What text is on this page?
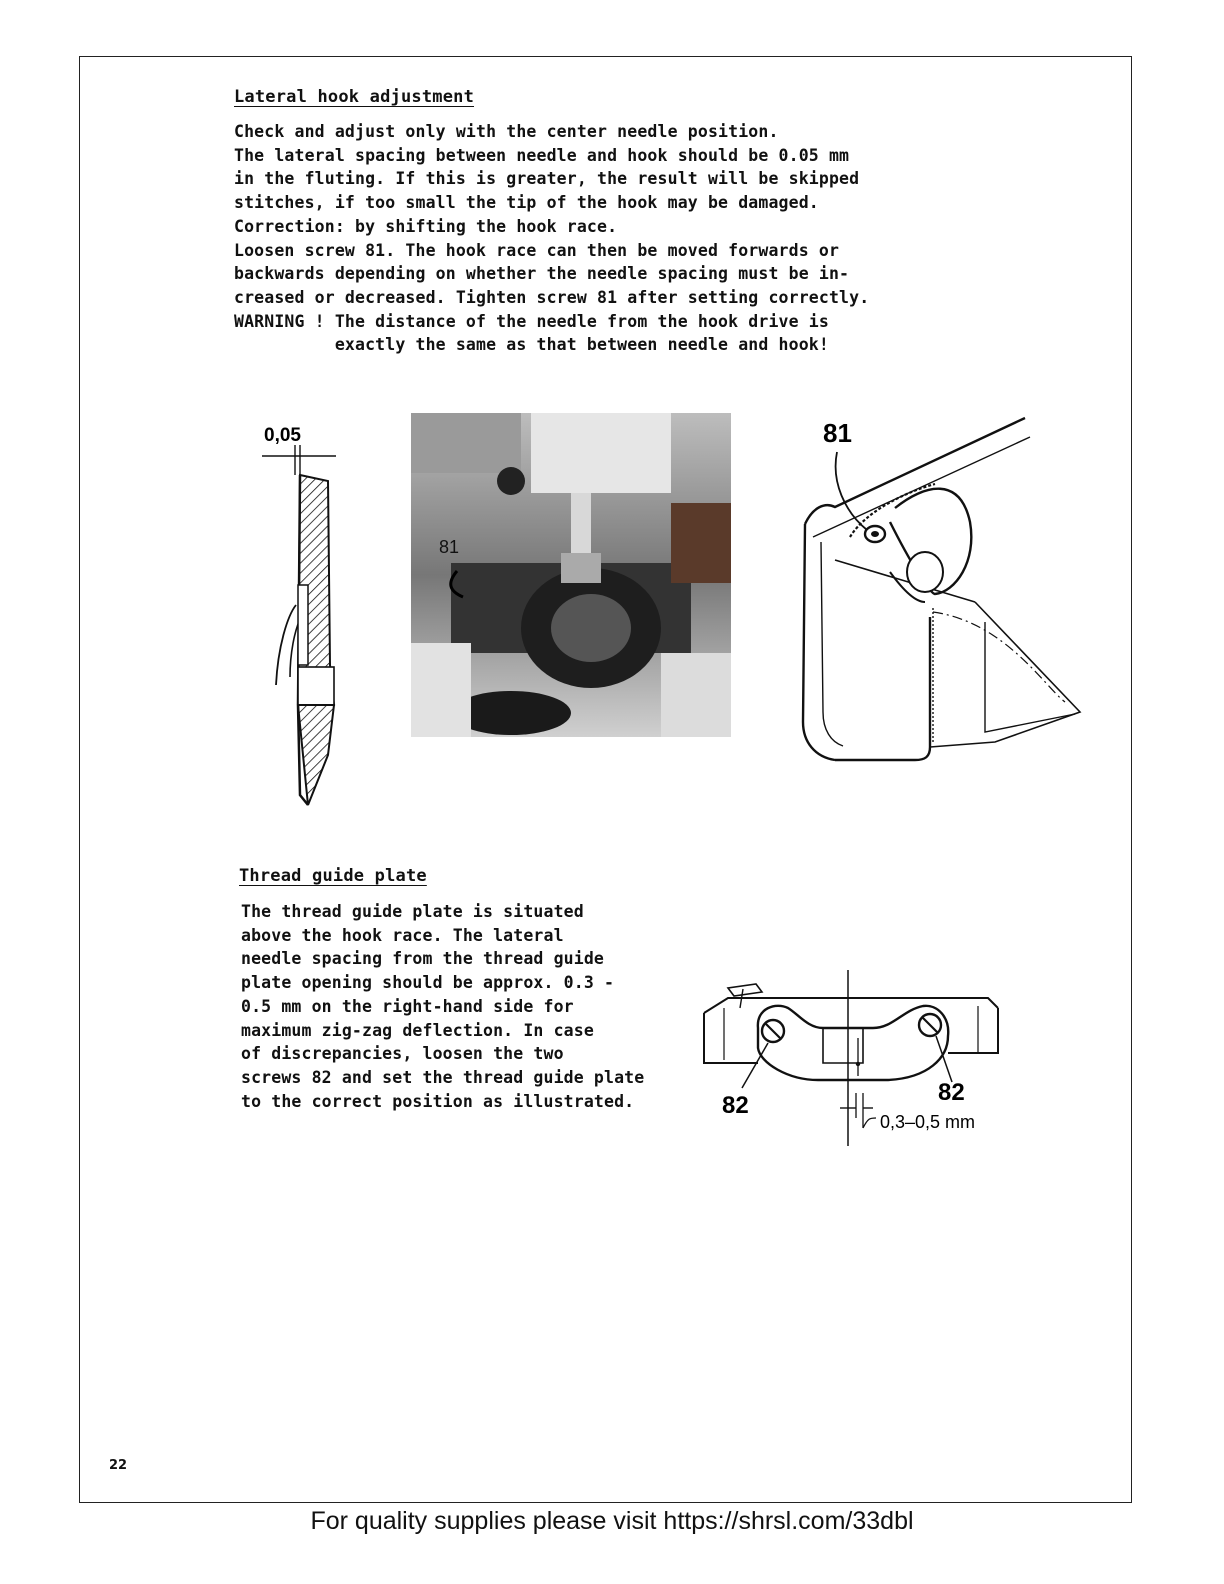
Lateral hook adjustment
Check and adjust only with the center needle position.
The lateral spacing between needle and hook should be 0.05 mm
in the fluting. If this is greater, the result will be skipped
stitches, if too small the tip of the hook may be damaged.
Correction: by shifting the hook race.
Loosen screw 81. The hook race can then be moved forwards or
backwards depending on whether the needle spacing must be in-
creased or decreased. Tighten screw 81 after setting correctly.
WARNING ! The distance of the needle from the hook drive is
exactly the same as that between needle and hook!
0,05
81
81
Thread guide plate
The thread guide plate is situated
above the hook race. The lateral
needle spacing from the thread guide
plate opening should be approx. 0.3 -
0.5 mm on the right-hand side for
maximum zig-zag deflection. In case
of discrepancies, loosen the two
screws 82 and set the thread guide plate
to the correct position as illustrated.	82	82
0,3–0,5 mm
22
For quality supplies please visit https://shrsl.com/33dbl
